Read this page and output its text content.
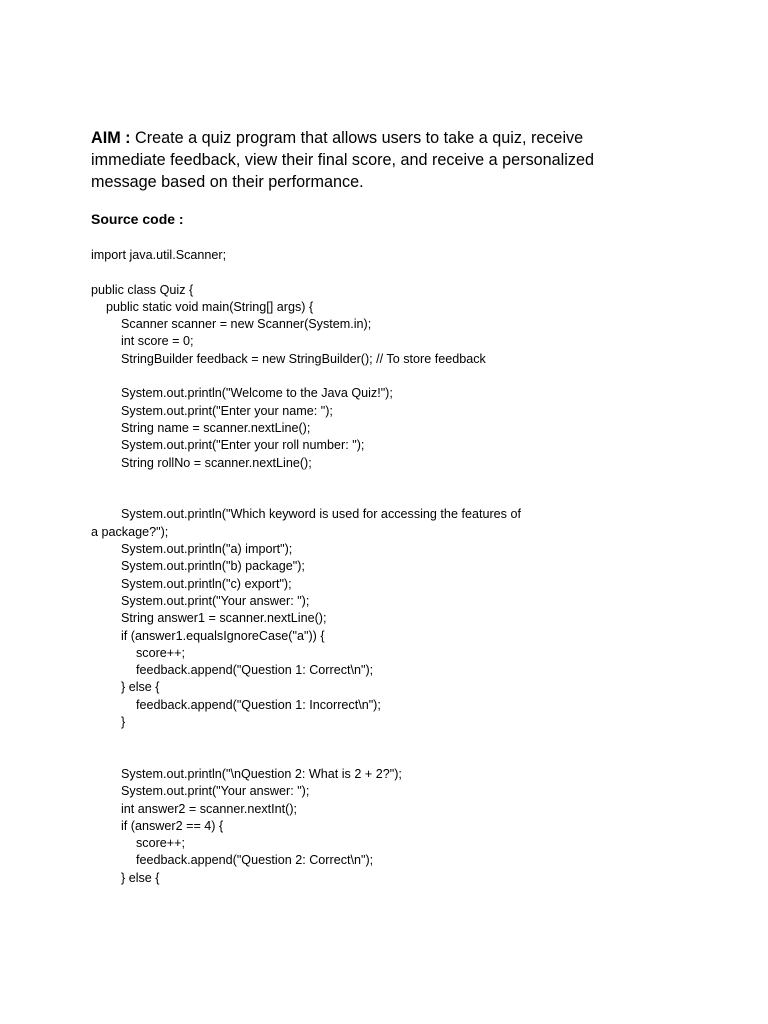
AIM : Create a quiz program that allows users to take a quiz, receive
immediate feedback, view their final score, and receive a personalized
message based on their performance.
Source code :
import java.util.Scanner;
public class Quiz {
public static void main(String[] args) {
Scanner scanner = new Scanner(System.in);
int score = 0;
StringBuilder feedback = new StringBuilder(); // To store feedback
System.out.println("Welcome to the Java Quiz!");
System.out.print("Enter your name: ");
String name = scanner.nextLine();
System.out.print("Enter your roll number: ");
String rollNo = scanner.nextLine();
System.out.println("Which keyword is used for accessing the features of
a package?");
System.out.println("a) import");
System.out.println("b) package");
System.out.println("c) export");
System.out.print("Your answer: ");
String answer1 = scanner.nextLine();
if (answer1.equalsIgnoreCase("a")) {
score++;
feedback.append("Question 1: Correct\n");
} else {
feedback.append("Question 1: Incorrect\n");
}
System.out.println("\nQuestion 2: What is 2 + 2?");
System.out.print("Your answer: ");
int answer2 = scanner.nextInt();
if (answer2 == 4) {
score++;
feedback.append("Question 2: Correct\n");
} else {
